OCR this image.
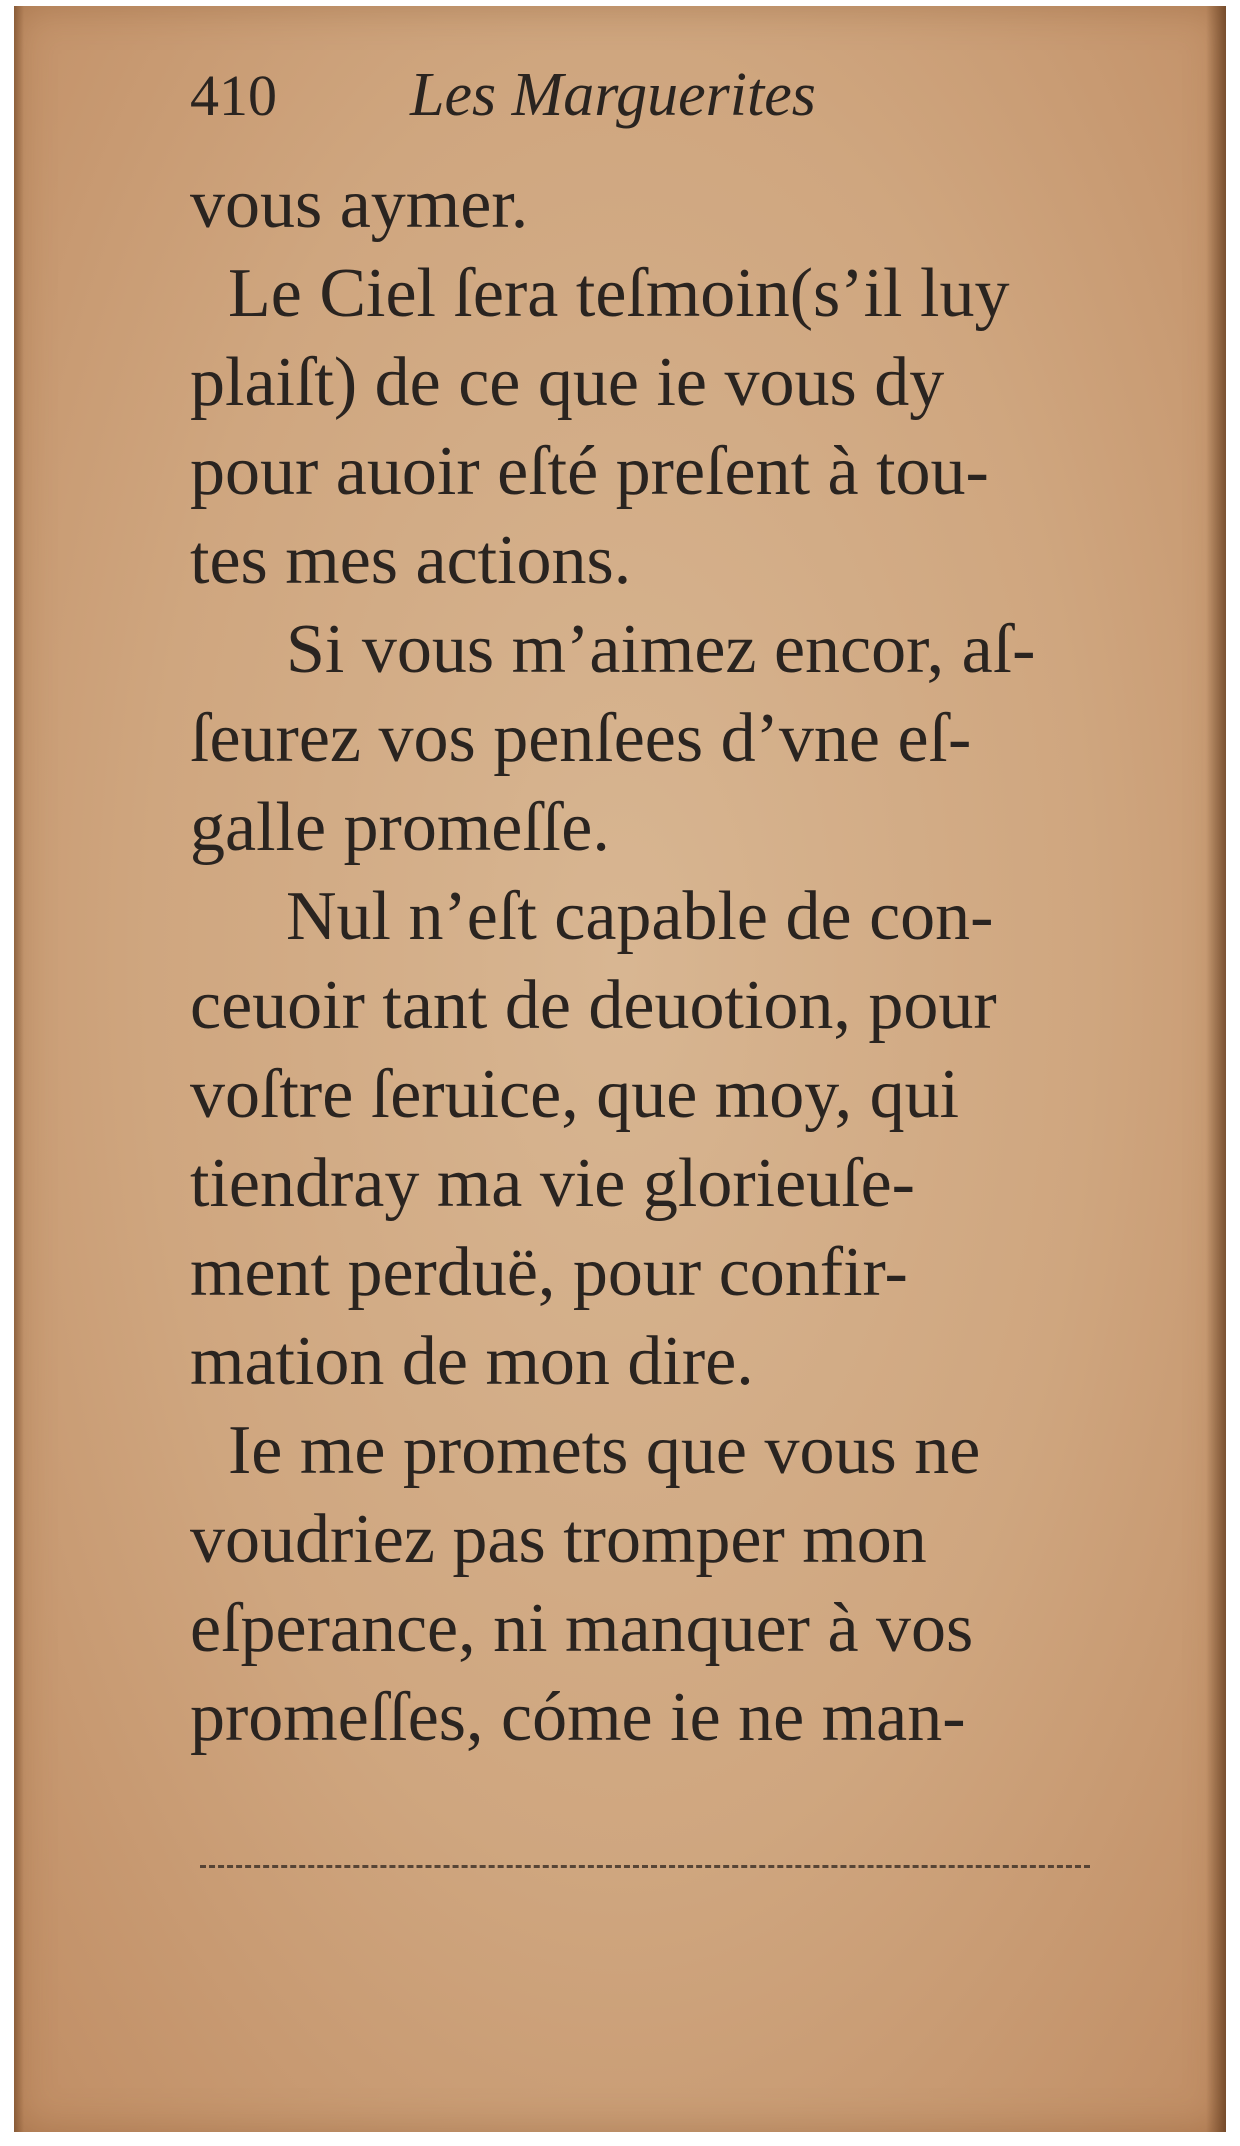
410	Les Marguerites
vous aymer.
Le Ciel ſera teſmoin(s’il luy
plaiſt) de ce que ie vous dy
pour auoir eſté preſent à tou-
tes mes actions.
Si vous m’aimez encor, aſ-
ſeurez vos penſees d’vne eſ-
galle promeſſe.
Nul n’eſt capable de con-
ceuoir tant de deuotion, pour
voſtre ſeruice, que moy, qui
tiendray ma vie glorieuſe-
ment perduë, pour confir-
mation de mon dire.
Ie me promets que vous ne
voudriez pas tromper mon
eſperance, ni manquer à vos
promeſſes, cóme ie ne man-
